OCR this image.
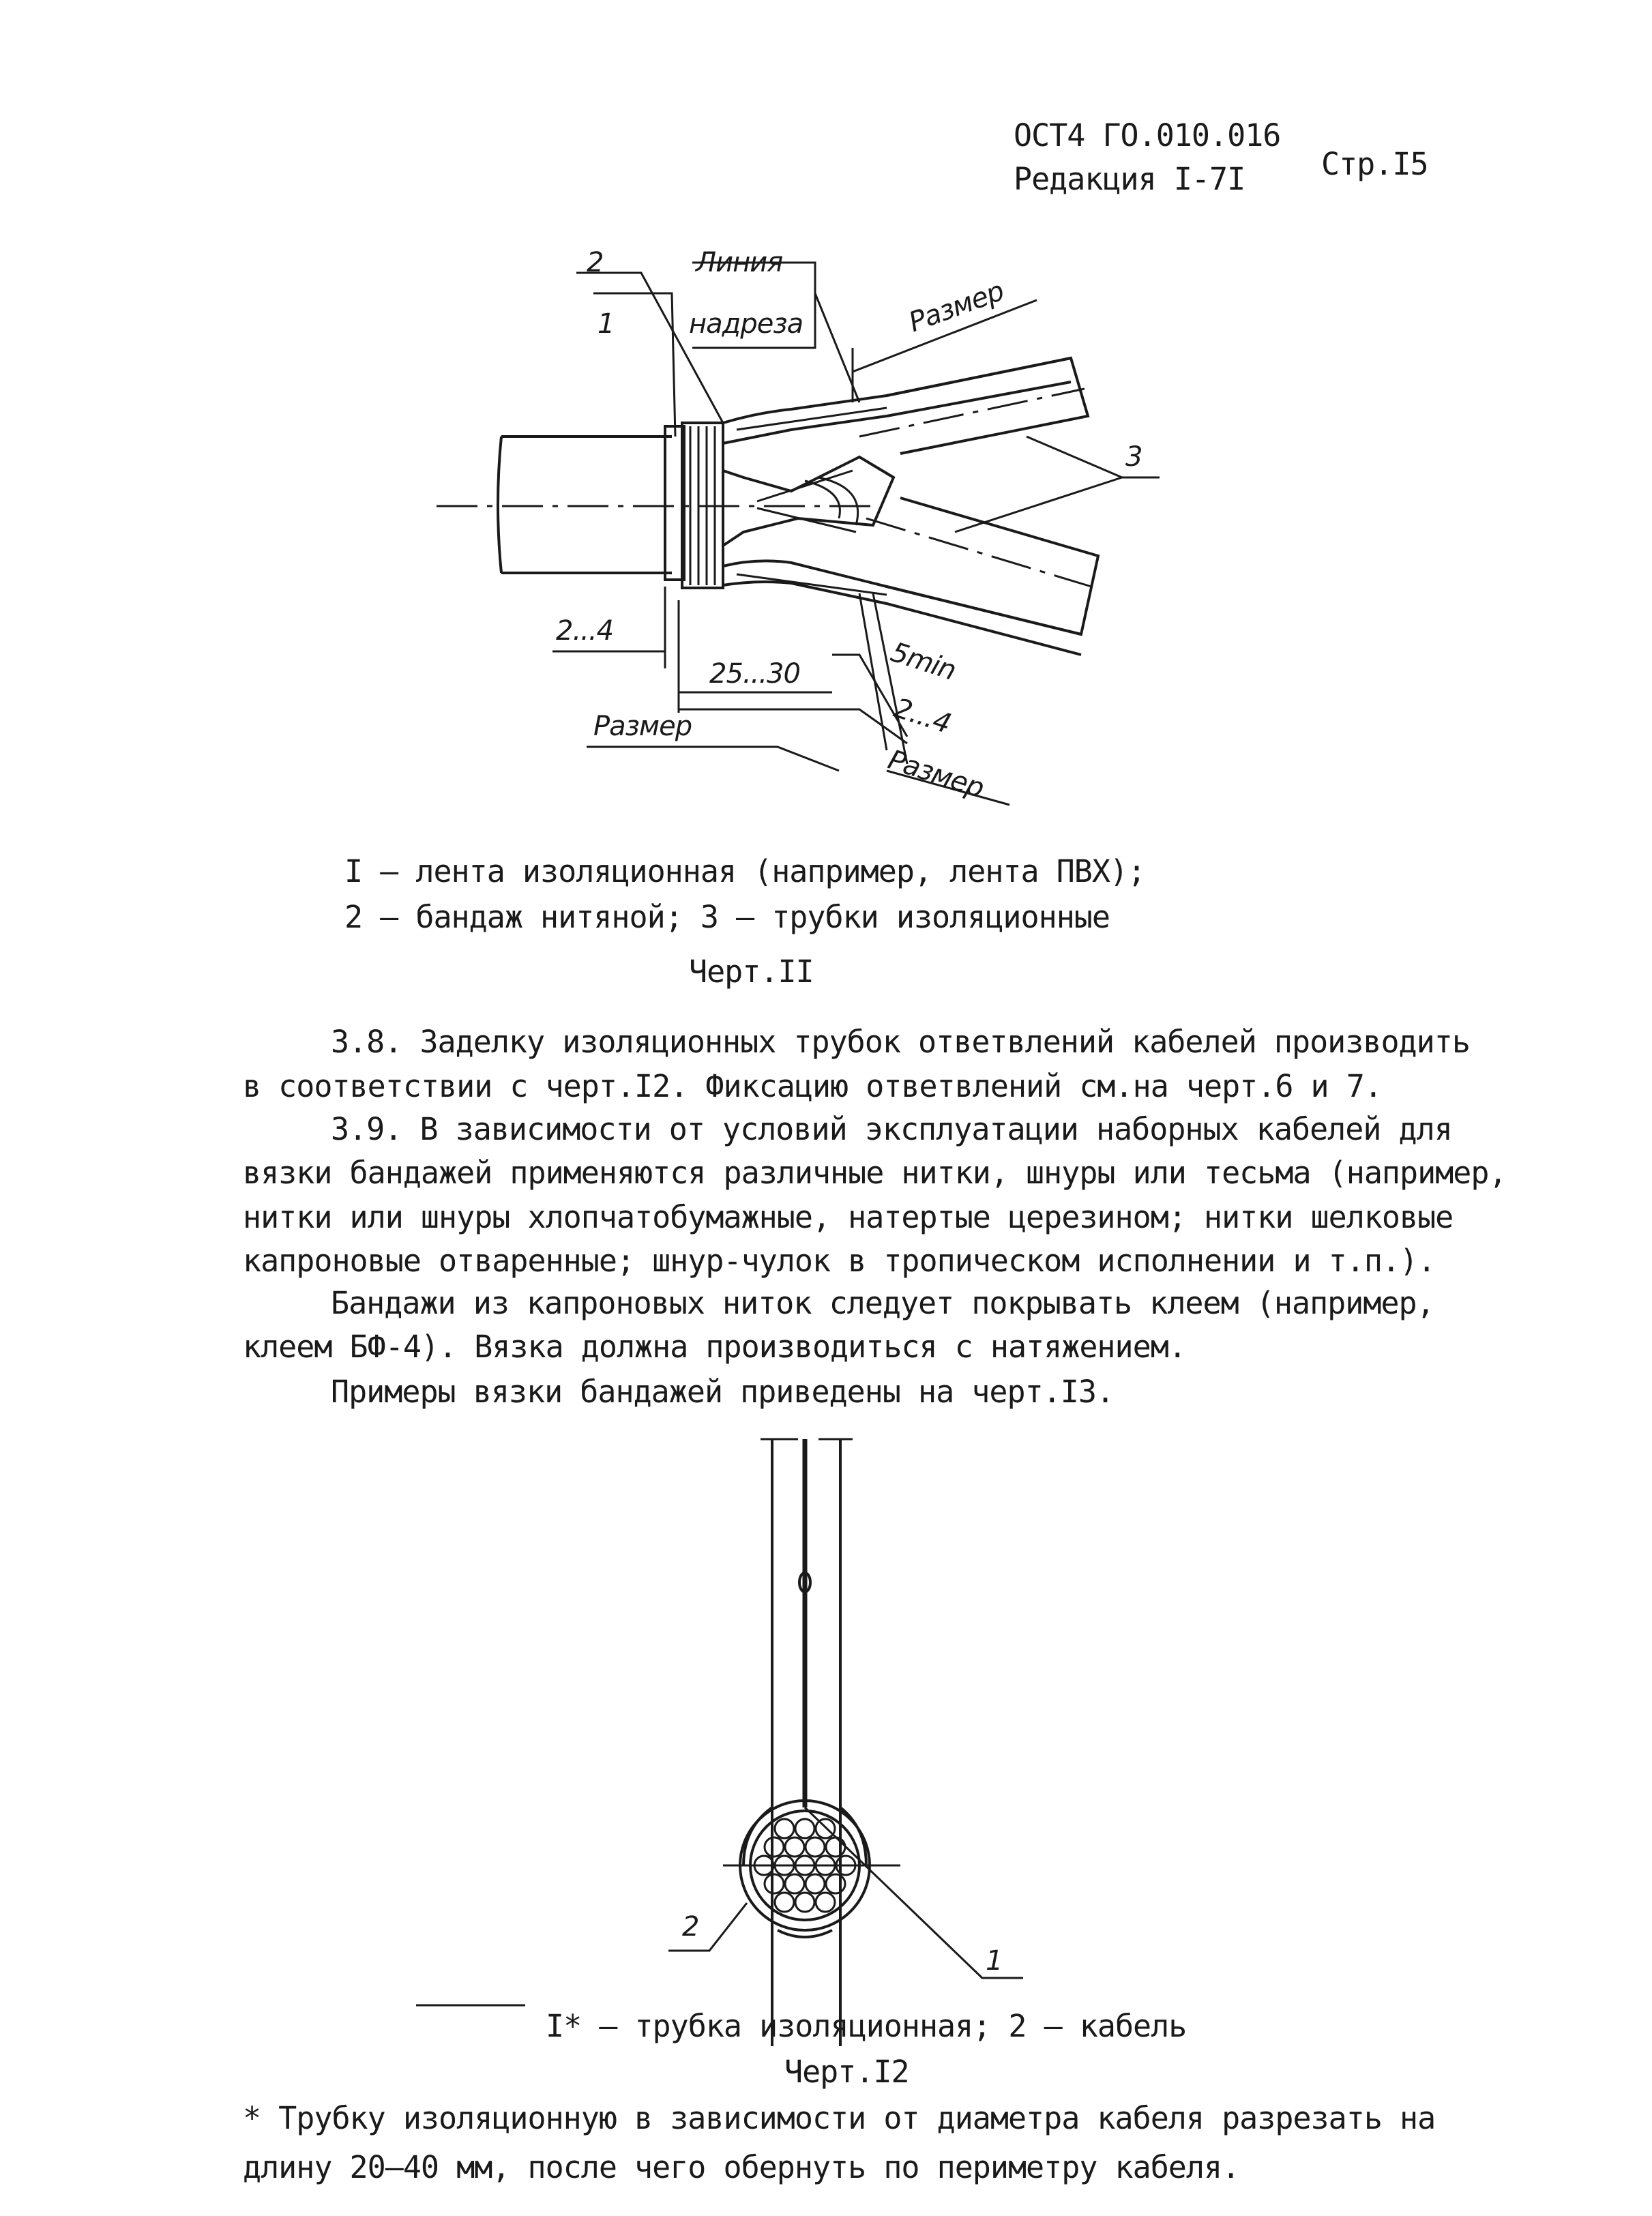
ОСТ4 ГО.010.016
Редакция I-7I Стр.I5
2
1
Линия
надреза	Размер
3
2...4
25...30	5min
2...4
Размер
Размер
I – лента изоляционная (например, лента ПВХ);
2 – бандаж нитяной; 3 – трубки изоляционные
Черт.II
3.8. Заделку изоляционных трубок ответвлений кабелей производить
в соответствии с черт.I2. Фиксацию ответвлений см.на черт.6 и 7.
3.9. В зависимости от условий эксплуатации наборных кабелей для
вязки бандажей применяются различные нитки, шнуры или тесьма (например,
нитки или шнуры хлопчатобумажные, натертые церезином; нитки шелковые
капроновые отваренные; шнур-чулок в тропическом исполнении и т.п.).
Бандажи из капроновых ниток следует покрывать клеем (например,
клеем БФ-4). Вязка должна производиться с натяжением.
Примеры вязки бандажей приведены на черт.I3.
2
1
I* – трубка изоляционная; 2 – кабель
Черт.I2
* Трубку изоляционную в зависимости от диаметра кабеля разрезать на
длину 20–40 мм, после чего обернуть по периметру кабеля.
